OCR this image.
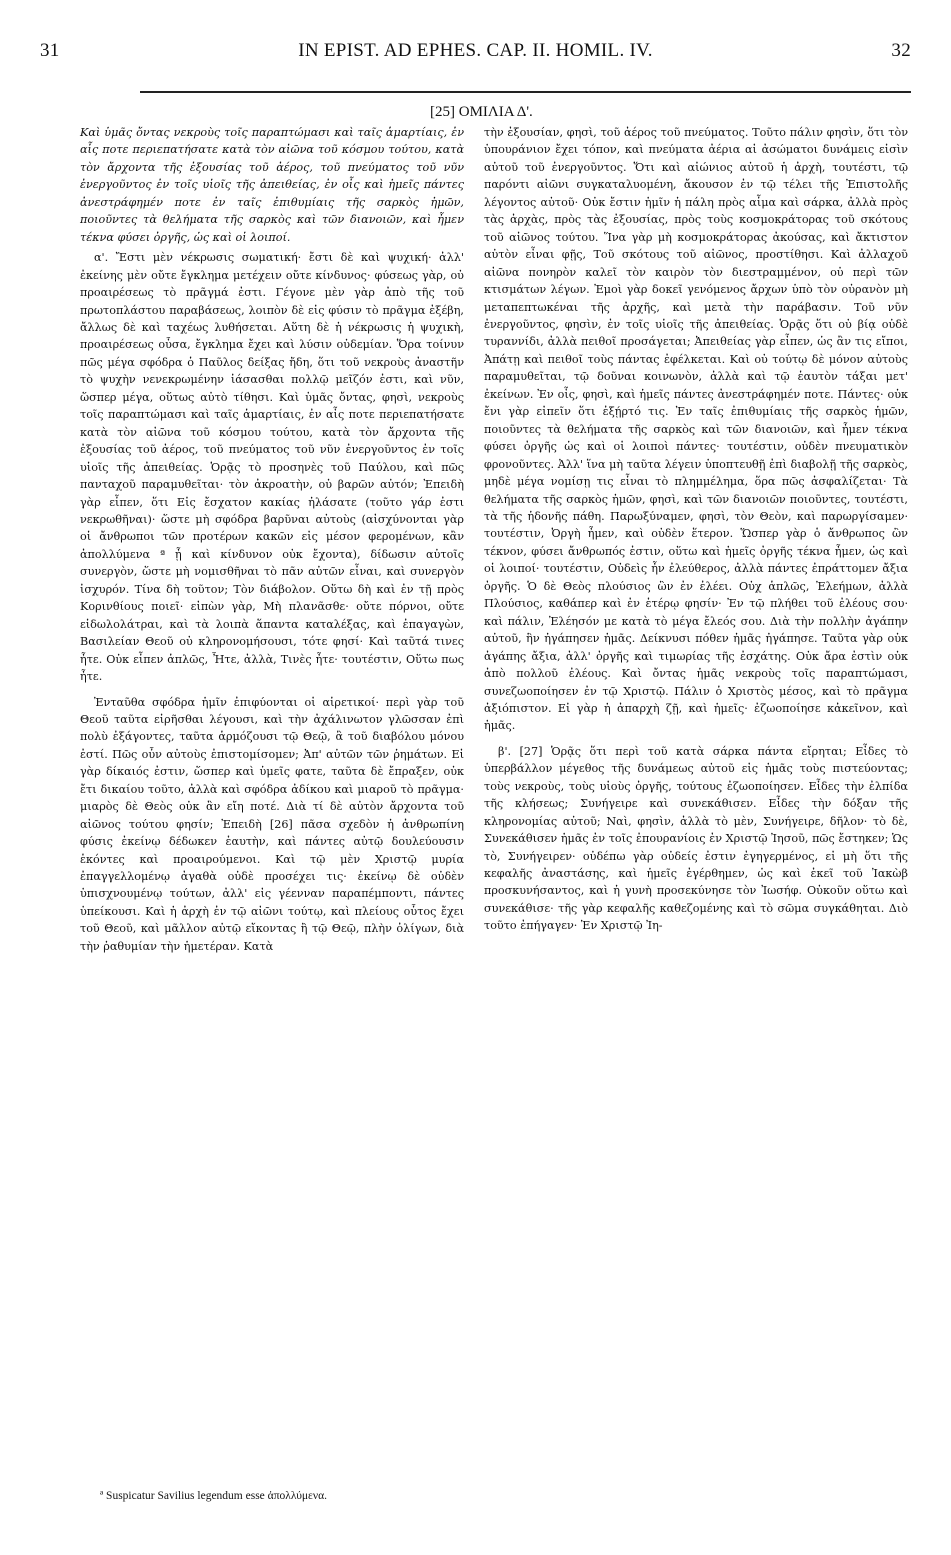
31	IN EPIST. AD EPHES. CAP. II. HOMIL. IV.	32
[25] ΟΜΙΛΙΑ Δ'.

Καὶ ὑμᾶς ὄντας νεκροὺς τοῖς παραπτώμασι καὶ ταῖς ἁμαρτίαις, ἐν αἷς ποτε περιεπατήσατε κατὰ τὸν αἰῶνα τοῦ κόσμου τούτου, κατὰ τὸν ἄρχοντα τῆς ἐξουσίας τοῦ ἀέρος, τοῦ πνεύματος τοῦ νῦν ἐνεργοῦντος ἐν τοῖς υἱοῖς τῆς ἀπειθείας, ἐν οἷς καὶ ἡμεῖς πάντες ἀνεστράφημέν ποτε ἐν ταῖς ἐπιθυμίαις τῆς σαρκὸς ἡμῶν, ποιοῦντες τὰ θελήματα τῆς σαρκὸς καὶ τῶν διανοιῶν, καὶ ἦμεν τέκνα φύσει ὀργῆς, ὡς καὶ οἱ λοιποί.

α'. Ἔστι μὲν νέκρωσις σωματική· ἔστι δὲ καὶ ψυχική· ἀλλ' ἐκείνης μὲν οὔτε ἔγκλημα μετέχειν οὔτε κίνδυνος· φύσεως γὰρ, οὐ προαιρέσεως τὸ πρᾶγμά ἐστι. Γέγονε μὲν γὰρ ἀπὸ τῆς τοῦ πρωτοπλάστου παραβάσεως, λοιπὸν δὲ εἰς φύσιν τὸ πρᾶγμα ἐξέβη, ἄλλως δὲ καὶ ταχέως λυθήσεται. Αὕτη δὲ ἡ νέκρωσις ἡ ψυχικὴ, προαιρέσεως οὖσα, ἔγκλημα ἔχει καὶ λύσιν οὐδεμίαν. Ὅρα τοίνυν πῶς μέγα σφόδρα ὁ Παῦλος δείξας ἤδη, ὅτι τοῦ νεκροὺς ἀναστῆν τὸ ψυχὴν νενεκρωμένην ἰάσασθαι πολλῷ μεῖζόν ἐστι, καὶ νῦν, ὥσπερ μέγα, οὕτως αὐτὸ τίθησι. Καὶ ὑμᾶς ὄντας, φησὶ, νεκροὺς τοῖς παραπτώμασι καὶ ταῖς ἁμαρτίαις, ἐν αἷς ποτε περιεπατήσατε κατὰ τὸν αἰῶνα τοῦ κόσμου τούτου, κατὰ τὸν ἄρχοντα τῆς ἐξουσίας τοῦ ἀέρος, τοῦ πνεύματος τοῦ νῦν ἐνεργοῦντος ἐν τοῖς υἱοῖς τῆς ἀπειθείας. Ὁρᾷς τὸ προσηνὲς τοῦ Παύλου, καὶ πῶς πανταχοῦ παραμυθεῖται· τὸν ἀκροατὴν, οὐ βαρῶν αὐτόν; Ἐπειδὴ γὰρ εἶπεν, ὅτι Εἰς ἔσχατον κακίας ἠλάσατε (τοῦτο γάρ ἐστι νεκρωθῆναι)· ὥστε μὴ σφόδρα βαρῦναι αὐτοὺς (αἰσχύνονται γὰρ οἱ ἄνθρωποι τῶν προτέρων κακῶν εἰς μέσον φερομένων, κἂν ἀπολλύμενα ª ᾖ καὶ κίνδυνον οὐκ ἔχοντα), δίδωσιν αὐτοῖς συνεργὸν, ὥστε μὴ νομισθῆναι τὸ πᾶν αὐτῶν εἶναι, καὶ συνεργὸν ἰσχυρόν. Τίνα δὴ τοῦτον; Τὸν διάβολον. Οὕτω δὴ καὶ ἐν τῇ πρὸς Κορινθίους ποιεῖ· εἰπὼν γὰρ, Μὴ πλανᾶσθε· οὔτε πόρνοι, οὔτε εἰδωλολάτραι, καὶ τὰ λοιπὰ ἅπαντα καταλέξας, καὶ ἐπαγαγὼν, Βασιλείαν Θεοῦ οὐ κληρονομήσουσι, τότε φησί· Καὶ ταῦτά τινες ἦτε. Οὐκ εἶπεν ἁπλῶς, Ἦτε, ἀλλὰ, Τινὲς ἦτε· τουτέστιν, Οὕτω πως ἦτε.

Ἐνταῦθα σφόδρα ἡμῖν ἐπιφύονται οἱ αἱρετικοί· περὶ γὰρ τοῦ Θεοῦ ταῦτα εἰρῆσθαι λέγουσι, καὶ τὴν ἀχάλινωτον γλῶσσαν ἐπὶ πολὺ ἐξάγοντες, ταῦτα ἁρμόζουσι τῷ Θεῷ, ἃ τοῦ διαβόλου μόνου ἐστί. Πῶς οὖν αὐτοὺς ἐπιστομίσομεν; Ἀπ' αὐτῶν τῶν ῥημάτων. Εἰ γὰρ δίκαιός ἐστιν, ὥσπερ καὶ ὑμεῖς φατε, ταῦτα δὲ ἔπραξεν, οὐκ ἔτι δικαίου τοῦτο, ἀλλὰ καὶ σφόδρα ἀδίκου καὶ μιαροῦ τὸ πρᾶγμα· μιαρὸς δὲ Θεὸς οὐκ ἂν εἴη ποτέ. Διὰ τί δὲ αὐτὸν ἄρχοντα τοῦ αἰῶνος τούτου φησίν; Ἐπειδὴ [26] πᾶσα σχεδὸν ἡ ἀνθρωπίνη φύσις ἐκείνῳ δέδωκεν ἑαυτὴν, καὶ πάντες αὐτῷ δουλεύουσιν ἑκόντες καὶ προαιρούμενοι. Καὶ τῷ μὲν Χριστῷ μυρία ἐπαγγελλομένῳ ἀγαθὰ οὐδὲ προσέχει τις· ἐκείνῳ δὲ οὐδὲν ὑπισχνουμένῳ τούτων, ἀλλ' εἰς γέενναν παραπέμποντι, πάντες ὑπείκουσι. Καὶ ἡ ἀρχὴ ἐν τῷ αἰῶνι τούτῳ, καὶ πλείους οὗτος ἔχει τοῦ Θεοῦ, καὶ μᾶλλον αὐτῷ εἴκοντας ἢ τῷ Θεῷ, πλὴν ὀλίγων, διὰ τὴν ῥαθυμίαν τὴν ἡμετέραν. Κατὰ

τὴν ἐξουσίαν, φησὶ, τοῦ ἀέρος τοῦ πνεύματος. Τοῦτο πάλιν φησὶν, ὅτι τὸν ὑπουράνιον ἔχει τόπον, καὶ πνεύματα ἀέρια αἱ ἀσώματοι δυνάμεις εἰσὶν αὐτοῦ τοῦ ἐνεργοῦντος. Ὅτι καὶ αἰώνιος αὐτοῦ ἡ ἀρχὴ, τουτέστι, τῷ παρόντι αἰῶνι συγκαταλυομένη, ἄκουσον ἐν τῷ τέλει τῆς Ἐπιστολῆς λέγοντος αὐτοῦ· Οὐκ ἔστιν ἡμῖν ἡ πάλη πρὸς αἷμα καὶ σάρκα, ἀλλὰ πρὸς τὰς ἀρχὰς, πρὸς τὰς ἐξουσίας, πρὸς τοὺς κοσμοκράτορας τοῦ σκότους τοῦ αἰῶνος τούτου. Ἵνα γὰρ μὴ κοσμοκράτορας ἀκούσας, καὶ ἄκτιστον αὐτὸν εἶναι φῇς, Τοῦ σκότους τοῦ αἰῶνος, προστίθησι. Καὶ ἀλλαχοῦ αἰῶνα πονηρὸν καλεῖ τὸν καιρὸν τὸν διεστραμμένον, οὐ περὶ τῶν κτισμάτων λέγων. Ἐμοὶ γὰρ δοκεῖ γενόμενος ἄρχων ὑπὸ τὸν οὐρανὸν μὴ μεταπεπτωκέναι τῆς ἀρχῆς, καὶ μετὰ τὴν παράβασιν. Τοῦ νῦν ἐνεργοῦντος, φησὶν, ἐν τοῖς υἱοῖς τῆς ἀπειθείας. Ὁρᾷς ὅτι οὐ βίᾳ οὐδὲ τυραννίδι, ἀλλὰ πειθοῖ προσάγεται; Ἀπειθείας γὰρ εἶπεν, ὡς ἂν τις εἴποι, Ἀπάτῃ καὶ πειθοῖ τοὺς πάντας ἐφέλκεται. Καὶ οὐ τούτῳ δὲ μόνον αὐτοὺς παραμυθεῖται, τῷ δοῦναι κοινωνὸν, ἀλλὰ καὶ τῷ ἑαυτὸν τάξαι μετ' ἐκείνων. Ἐν οἷς, φησὶ, καὶ ἡμεῖς πάντες ἀνεστράφημέν ποτε. Πάντες· οὐκ ἔνι γὰρ εἰπεῖν ὅτι ἐξῄρτό τις. Ἐν ταῖς ἐπιθυμίαις τῆς σαρκὸς ἡμῶν, ποιοῦντες τὰ θελήματα τῆς σαρκὸς καὶ τῶν διανοιῶν, καὶ ἦμεν τέκνα φύσει ὀργῆς ὡς καὶ οἱ λοιποὶ πάντες· τουτέστιν, οὐδὲν πνευματικὸν φρονοῦντες. Ἀλλ' ἵνα μὴ ταῦτα λέγειν ὑποπτευθῇ ἐπὶ διαβολῇ τῆς σαρκὸς, μηδὲ μέγα νομίσῃ τις εἶναι τὸ πλημμέλημα, ὅρα πῶς ἀσφαλίζεται· Τὰ θελήματα τῆς σαρκὸς ἡμῶν, φησὶ, καὶ τῶν διανοιῶν ποιοῦντες, τουτέστι, τὰ τῆς ἡδονῆς πάθη. Παρωξύναμεν, φησὶ, τὸν Θεὸν, καὶ παρωργίσαμεν· τουτέστιν, Ὀργὴ ἦμεν, καὶ οὐδὲν ἕτερον. Ὥσπερ γὰρ ὁ ἄνθρωπος ὢν τέκνον, φύσει ἄνθρωπός ἐστιν, οὕτω καὶ ἡμεῖς ὀργῆς τέκνα ἦμεν, ὡς καὶ οἱ λοιποί· τουτέστιν, Οὐδεὶς ἦν ἐλεύθερος, ἀλλὰ πάντες ἐπράττομεν ἄξια ὀργῆς. Ὁ δὲ Θεὸς πλούσιος ὢν ἐν ἐλέει. Οὐχ ἁπλῶς, Ἐλεήμων, ἀλλὰ Πλούσιος, καθάπερ καὶ ἐν ἑτέρῳ φησίν· Ἐν τῷ πλήθει τοῦ ἐλέους σου· καὶ πάλιν, Ἐλέησόν με κατὰ τὸ μέγα ἔλεός σου. Διὰ τὴν πολλὴν ἀγάπην αὐτοῦ, ἣν ἠγάπησεν ἡμᾶς. Δείκνυσι πόθεν ἡμᾶς ἠγάπησε. Ταῦτα γὰρ οὐκ ἀγάπης ἄξια, ἀλλ' ὀργῆς καὶ τιμωρίας τῆς ἐσχάτης. Οὐκ ἄρα ἐστὶν οὐκ ἀπὸ πολλοῦ ἐλέους. Καὶ ὄντας ἡμᾶς νεκροὺς τοῖς παραπτώμασι, συνεζωοποίησεν ἐν τῷ Χριστῷ. Πάλιν ὁ Χριστὸς μέσος, καὶ τὸ πρᾶγμα ἀξιόπιστον. Εἰ γὰρ ἡ ἀπαρχὴ ζῇ, καὶ ἡμεῖς· ἐζωοποίησε κἀκεῖνον, καὶ ἡμᾶς.

β'. [27] Ὁρᾷς ὅτι περὶ τοῦ κατὰ σάρκα πάντα εἴρηται; Εἶδες τὸ ὑπερβάλλον μέγεθος τῆς δυνάμεως αὐτοῦ εἰς ἡμᾶς τοὺς πιστεύοντας; τοὺς νεκροὺς, τοὺς υἱοὺς ὀργῆς, τούτους ἐζωοποίησεν. Εἶδες τὴν ἐλπίδα τῆς κλήσεως; Συνήγειρε καὶ συνεκάθισεν. Εἶδες τὴν δόξαν τῆς κληρονομίας αὐτοῦ; Ναὶ, φησὶν, ἀλλὰ τὸ μὲν, Συνήγειρε, δῆλον· τὸ δὲ, Συνεκάθισεν ἡμᾶς ἐν τοῖς ἐπουρανίοις ἐν Χριστῷ Ἰησοῦ, πῶς ἔστηκεν; Ὡς τὸ, Συνήγειρεν· οὐδέπω γὰρ οὐδείς ἐστιν ἐγηγερμένος, εἰ μὴ ὅτι τῆς κεφαλῆς ἀναστάσης, καὶ ἡμεῖς ἐγέρθημεν, ὡς καὶ ἐκεῖ τοῦ Ἰακὼβ προσκυνήσαντος, καὶ ἡ γυνὴ προσεκύνησε τὸν Ἰωσήφ. Οὐκοῦν οὕτω καὶ συνεκάθισε· τῆς γὰρ κεφαλῆς καθεζομένης καὶ τὸ σῶμα συγκάθηται. Διὸ τοῦτο ἐπήγαγεν· Ἐν Χριστῷ Ἰη-

ª Suspicatur Savilius legendum esse ἀπολλύμενα.
